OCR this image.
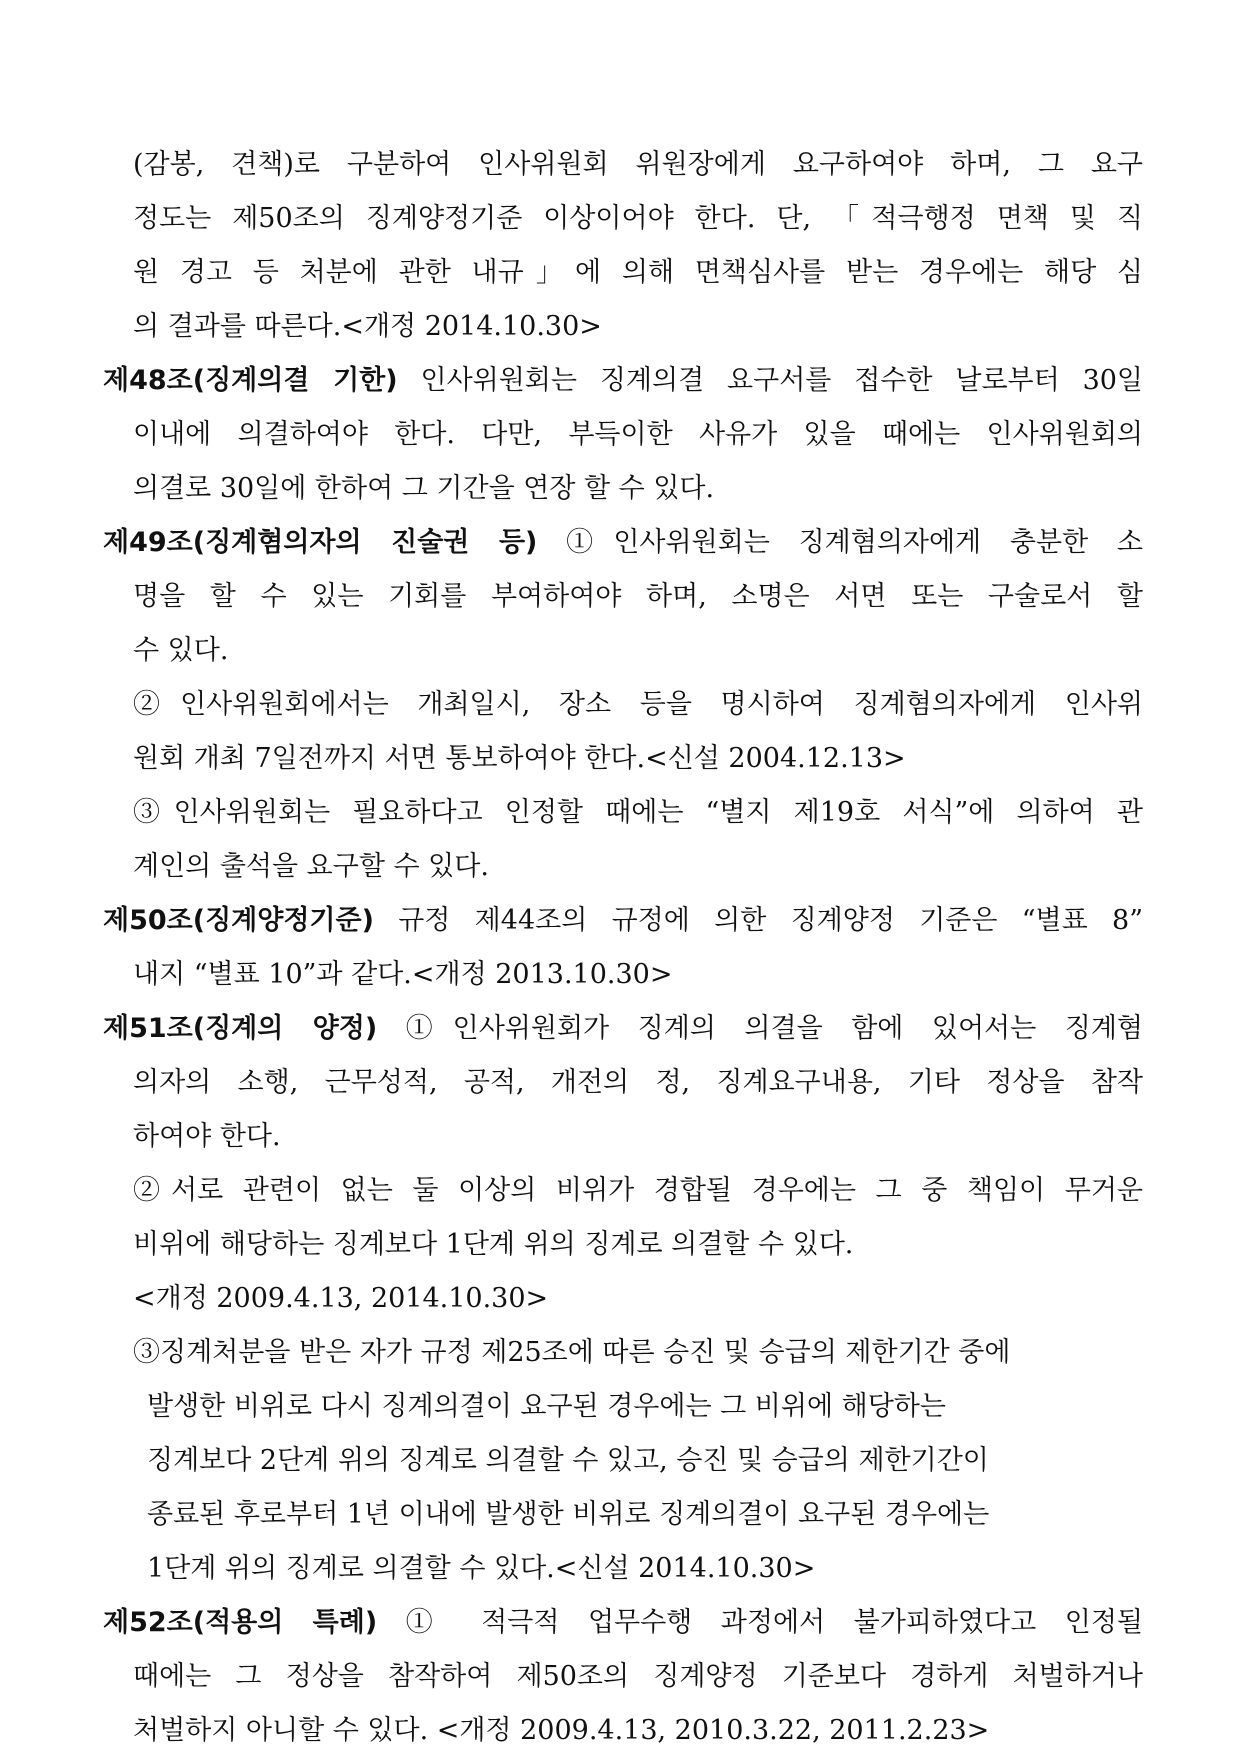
(감봉, 견책)로 구분하여 인사위원회 위원장에게 요구하여야 하며, 그 요구
정도는 제50조의 징계양정기준 이상이어야 한다. 단, 「적극행정 면책 및 직
원 경고 등 처분에 관한 내규」에 의해 면책심사를 받는 경우에는 해당 심
의 결과를 따른다.<개정 2014.10.30>
제48조(징계의결 기한) 인사위원회는 징계의결 요구서를 접수한 날로부터 30일
이내에 의결하여야 한다. 다만, 부득이한 사유가 있을 때에는 인사위원회의
의결로 30일에 한하여 그 기간을 연장 할 수 있다.
제49조(징계혐의자의 진술권 등) ①인사위원회는 징계혐의자에게 충분한 소
명을 할 수 있는 기회를 부여하여야 하며, 소명은 서면 또는 구술로서 할
수 있다.
②인사위원회에서는 개최일시, 장소 등을 명시하여 징계혐의자에게 인사위
원회 개최 7일전까지 서면 통보하여야 한다.<신설 2004.12.13>
③인사위원회는 필요하다고 인정할 때에는 “별지 제19호 서식”에 의하여 관
계인의 출석을 요구할 수 있다.
제50조(징계양정기준) 규정 제44조의 규정에 의한 징계양정 기준은 “별표 8”
내지 “별표 10”과 같다.<개정 2013.10.30>
제51조(징계의 양정) ①인사위원회가 징계의 의결을 함에 있어서는 징계혐
의자의 소행, 근무성적, 공적, 개전의 정, 징계요구내용, 기타 정상을 참작
하여야 한다.
②서로 관련이 없는 둘 이상의 비위가 경합될 경우에는 그 중 책임이 무거운
비위에 해당하는 징계보다 1단계 위의 징계로 의결할 수 있다.
<개정 2009.4.13, 2014.10.30>
③징계처분을 받은 자가 규정 제25조에 따른 승진 및 승급의 제한기간 중에
발생한 비위로 다시 징계의결이 요구된 경우에는 그 비위에 해당하는
징계보다 2단계 위의 징계로 의결할 수 있고, 승진 및 승급의 제한기간이
종료된 후로부터 1년 이내에 발생한 비위로 징계의결이 요구된 경우에는
1단계 위의 징계로 의결할 수 있다.<신설 2014.10.30>
제52조(적용의 특례) ① 적극적 업무수행 과정에서 불가피하였다고 인정될
때에는 그 정상을 참작하여 제50조의 징계양정 기준보다 경하게 처벌하거나
처벌하지 아니할 수 있다. <개정 2009.4.13, 2010.3.22, 2011.2.23>
